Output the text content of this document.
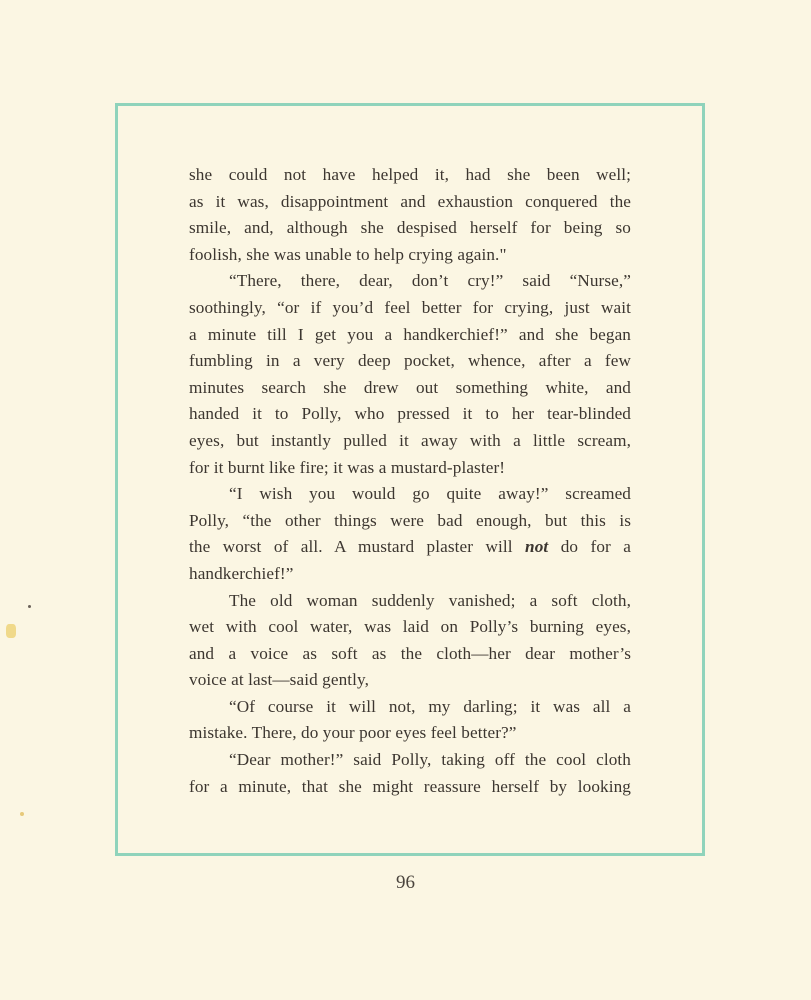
she could not have helped it, had she been well;

as it was, disappointment and exhaustion conquered the

smile, and, although she despised herself for being so

foolish, she was unable to help crying again."

“There, there, dear, don’t cry!” said “Nurse,”

soothingly, “or if you’d feel better for crying, just wait

a minute till I get you a handkerchief!” and she began

fumbling in a very deep pocket, whence, after a few

minutes search she drew out something white, and

handed it to Polly, who pressed it to her tear-blinded

eyes, but instantly pulled it away with a little scream,

for it burnt like fire; it was a mustard-plaster!

“I wish you would go quite away!” screamed

Polly, “the other things were bad enough, but this is

the worst of all. A mustard plaster will not do for a

handkerchief!”

The old woman suddenly vanished; a soft cloth,

wet with cool water, was laid on Polly’s burning eyes,

and a voice as soft as the cloth—her dear mother’s

voice at last—said gently,

“Of course it will not, my darling; it was all a

mistake. There, do your poor eyes feel better?”

“Dear mother!” said Polly, taking off the cool cloth

for a minute, that she might reassure herself by looking

96
